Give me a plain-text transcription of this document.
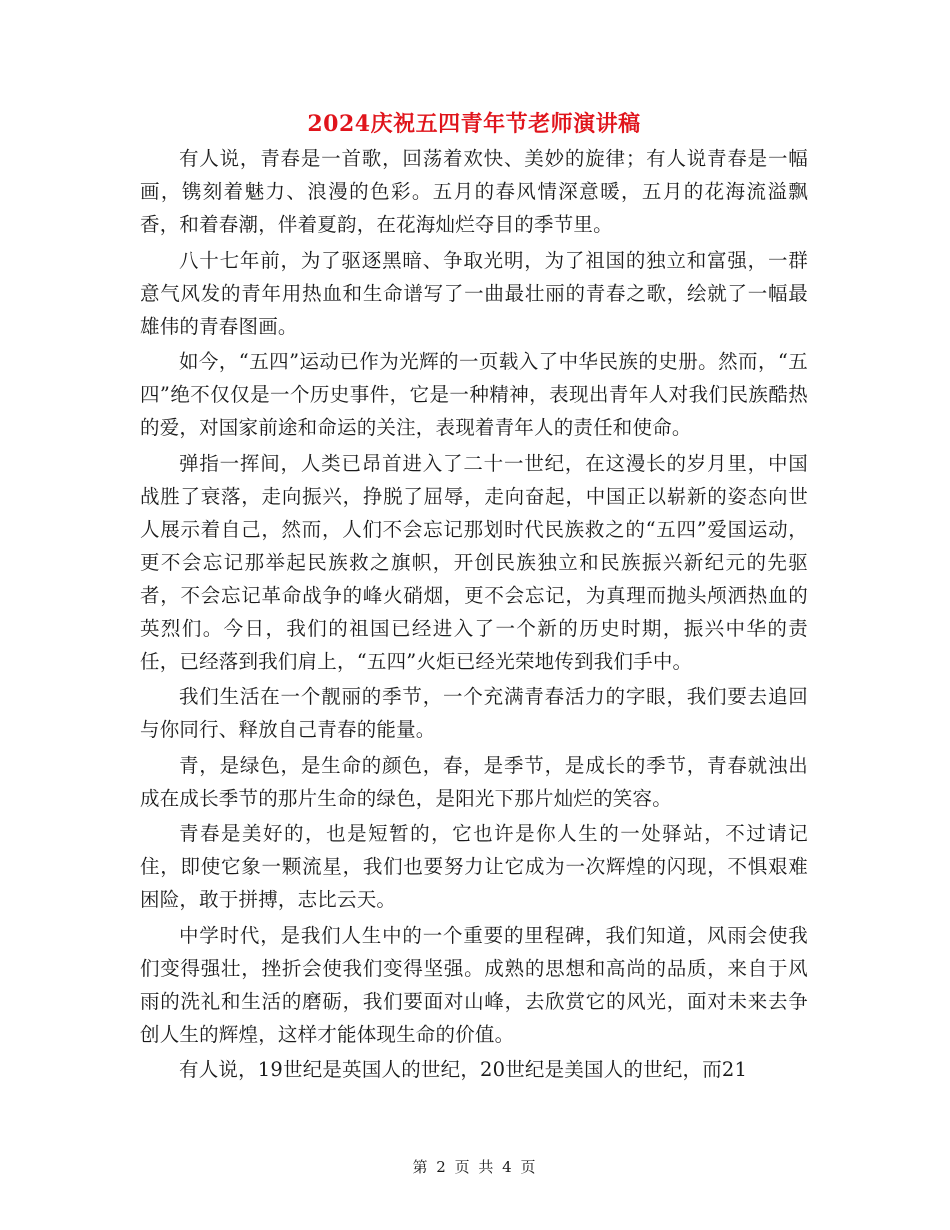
2024庆祝五四青年节老师演讲稿

有人说，青春是一首歌，回荡着欢快、美妙的旋律；有人说青春是一幅画，镌刻着魅力、浪漫的色彩。五月的春风情深意暖，五月的花海流溢飘香，和着春潮，伴着夏韵，在花海灿烂夺目的季节里。

八十七年前，为了驱逐黑暗、争取光明，为了祖国的独立和富强，一群意气风发的青年用热血和生命谱写了一曲最壮丽的青春之歌，绘就了一幅最雄伟的青春图画。

如今，“五四”运动已作为光辉的一页载入了中华民族的史册。然而，“五四”绝不仅仅是一个历史事件，它是一种精神，表现出青年人对我们民族酷热的爱，对国家前途和命运的关注，表现着青年人的责任和使命。

弹指一挥间，人类已昂首进入了二十一世纪，在这漫长的岁月里，中国战胜了衰落，走向振兴，挣脱了屈辱，走向奋起，中国正以崭新的姿态向世人展示着自己，然而，人们不会忘记那划时代民族救之的“五四”爱国运动，更不会忘记那举起民族救之旗帜，开创民族独立和民族振兴新纪元的先驱者，不会忘记革命战争的峰火硝烟，更不会忘记，为真理而抛头颅洒热血的英烈们。今日，我们的祖国已经进入了一个新的历史时期，振兴中华的责任，已经落到我们肩上，“五四”火炬已经光荣地传到我们手中。

我们生活在一个靓丽的季节，一个充满青春活力的字眼，我们要去追回与你同行、释放自己青春的能量。

青，是绿色，是生命的颜色，春，是季节，是成长的季节，青春就浊出成在成长季节的那片生命的绿色，是阳光下那片灿烂的笑容。

青春是美好的，也是短暂的，它也许是你人生的一处驿站，不过请记住，即使它象一颗流星，我们也要努力让它成为一次辉煌的闪现，不惧艰难困险，敢于拼搏，志比云天。

中学时代，是我们人生中的一个重要的里程碑，我们知道，风雨会使我们变得强壮，挫折会使我们变得坚强。成熟的思想和高尚的品质，来自于风雨的洗礼和生活的磨砺，我们要面对山峰，去欣赏它的风光，面对未来去争创人生的辉煌，这样才能体现生命的价值。

有人说，19世纪是英国人的世纪，20世纪是美国人的世纪，而21

第 2 页 共 4 页
